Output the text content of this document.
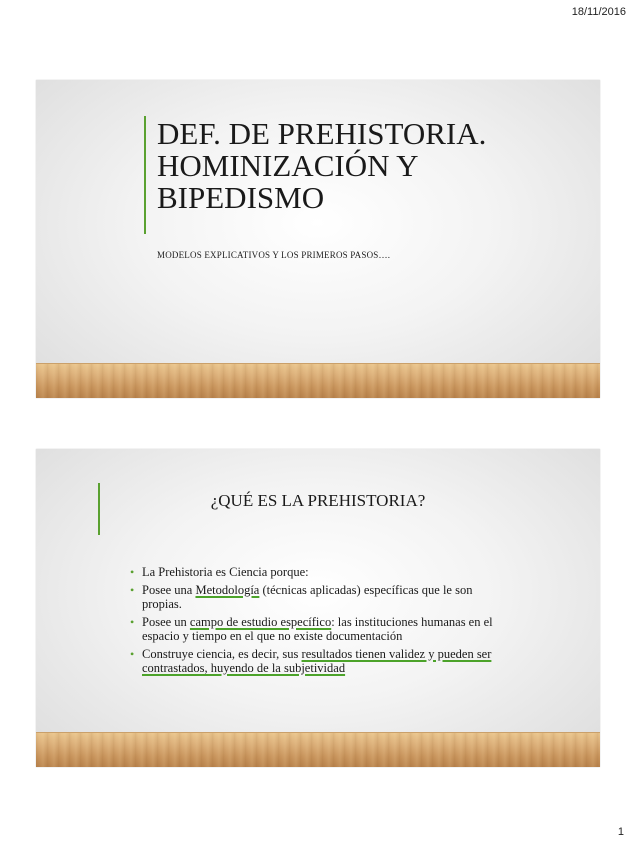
18/11/2016
DEF. DE PREHISTORIA.
HOMINIZACIÓN Y
BIPEDISMO
MODELOS EXPLICATIVOS Y LOS PRIMEROS PASOS….
¿QUÉ ES LA PREHISTORIA?
• La Prehistoria es Ciencia porque:
• Posee una Metodología (técnicas aplicadas) específicas que le son propias.
• Posee un campo de estudio específico: las instituciones humanas en el espacio y tiempo en el que no existe documentación
• Construye ciencia, es decir, sus resultados tienen validez y pueden ser contrastados, huyendo de la subjetividad
1
